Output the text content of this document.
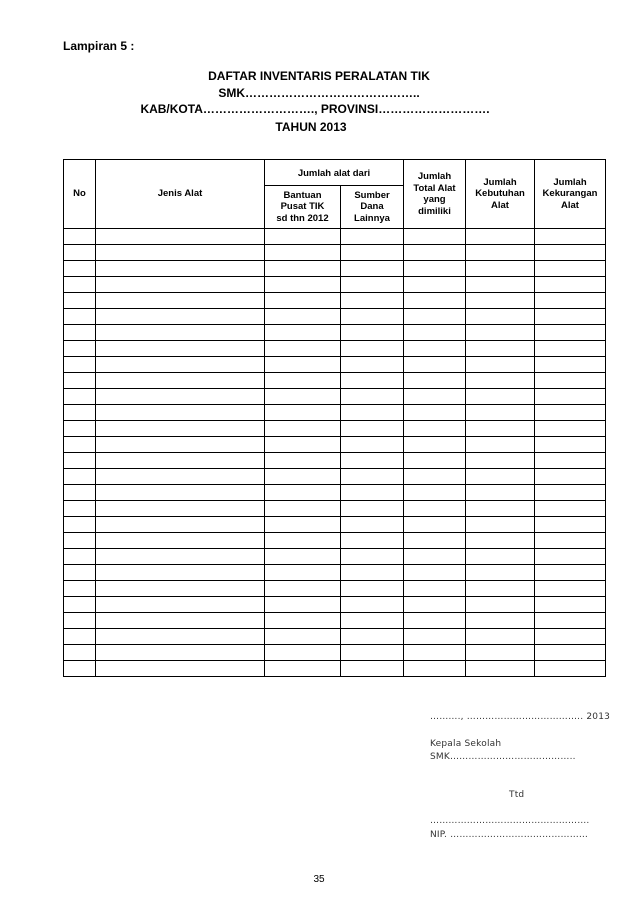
Lampiran 5 :
DAFTAR INVENTARIS PERALATAN TIK
SMK……………………………………..
KAB/KOTA………………………., PROVINSI……………………….
TAHUN 2013
No	Jenis Alat	Jumlah alat dari		Jumlah Total Alat yang dimiliki	Jumlah Kebutuhan Alat	Jumlah Kekurangan Alat
		Bantuan Pusat TIK sd thn 2012	Sumber Dana Lainnya			

………., ……………………………….. 2013
Kepala Sekolah
SMK…………………………………..
Ttd
…………………………………………….
NIP. ………………………………………
35
